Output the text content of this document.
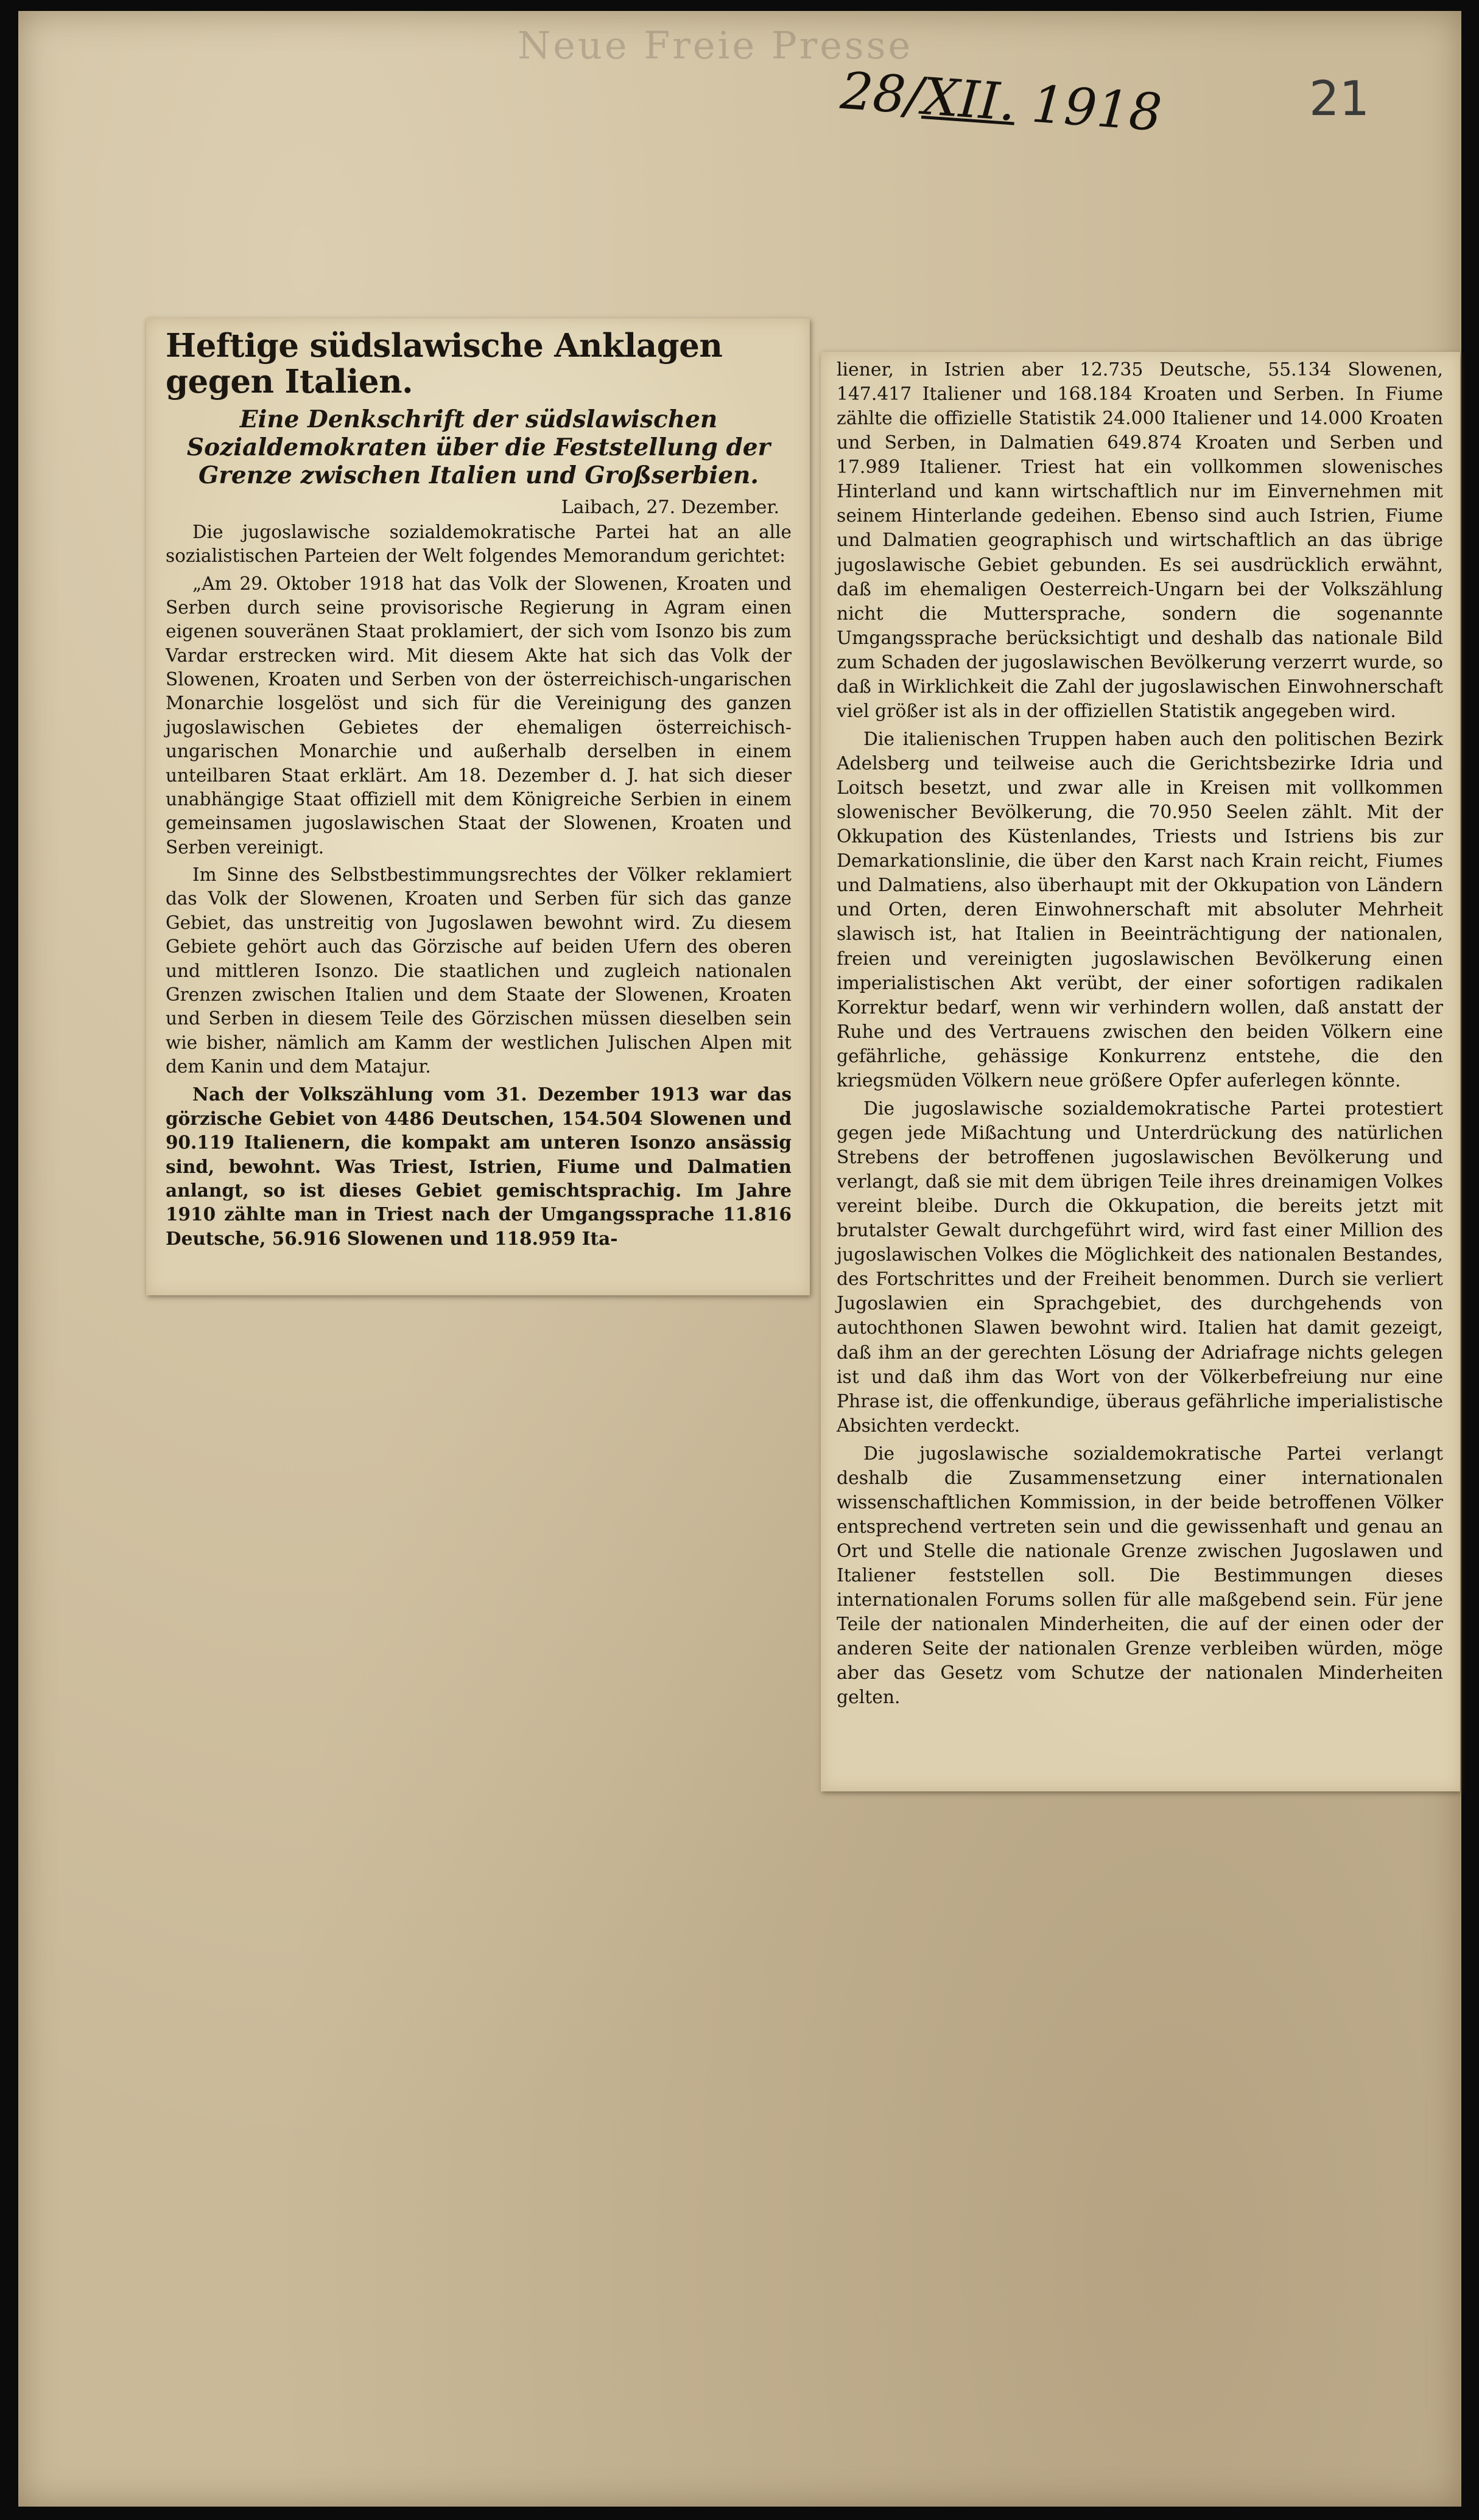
Neue Freie Presse
28/XII. 1918	21
Heftige südslawische Anklagen gegen Italien.
Eine Denkschrift der südslawischen Sozialdemokraten über die Feststellung der Grenze zwischen Italien und Großserbien.
Laibach, 27. Dezember.

Die jugoslawische sozialdemokratische Partei hat an alle sozialistischen Parteien der Welt folgendes Memorandum gerichtet:

„Am 29. Oktober 1918 hat das Volk der Slowenen, Kroaten und Serben durch seine provisorische Regierung in Agram einen eigenen souveränen Staat proklamiert, der sich vom Isonzo bis zum Vardar erstrecken wird. Mit diesem Akte hat sich das Volk der Slowenen, Kroaten und Serben von der österreichisch-ungarischen Monarchie losgelöst und sich für die Vereinigung des ganzen jugoslawischen Gebietes der ehemaligen österreichisch-ungarischen Monarchie und außerhalb derselben in einem unteilbaren Staat erklärt. Am 18. Dezember d. J. hat sich dieser unabhängige Staat offiziell mit dem Königreiche Serbien in einem gemeinsamen jugoslawischen Staat der Slowenen, Kroaten und Serben vereinigt.

Im Sinne des Selbstbestimmungsrechtes der Völker reklamiert das Volk der Slowenen, Kroaten und Serben für sich das ganze Gebiet, das unstreitig von Jugoslawen bewohnt wird. Zu diesem Gebiete gehört auch das Görzische auf beiden Ufern des oberen und mittleren Isonzo. Die staatlichen und zugleich nationalen Grenzen zwischen Italien und dem Staate der Slowenen, Kroaten und Serben in diesem Teile des Görzischen müssen dieselben sein wie bisher, nämlich am Kamm der westlichen Julischen Alpen mit dem Kanin und dem Matajur.

Nach der Volkszählung vom 31. Dezember 1913 war das görzische Gebiet von 4486 Deutschen, 154.504 Slowenen und 90.119 Italienern, die kompakt am unteren Isonzo ansässig sind, bewohnt. Was Triest, Istrien, Fiume und Dalmatien anlangt, so ist dieses Gebiet gemischtsprachig. Im Jahre 1910 zählte man in Triest nach der Umgangssprache 11.816 Deutsche, 56.916 Slowenen und 118.959 Ita-

liener, in Istrien aber 12.735 Deutsche, 55.134 Slowenen, 147.417 Italiener und 168.184 Kroaten und Serben. In Fiume zählte die offizielle Statistik 24.000 Italiener und 14.000 Kroaten und Serben, in Dalmatien 649.874 Kroaten und Serben und 17.989 Italiener. Triest hat ein vollkommen slowenisches Hinterland und kann wirtschaftlich nur im Einvernehmen mit seinem Hinterlande gedeihen. Ebenso sind auch Istrien, Fiume und Dalmatien geographisch und wirtschaftlich an das übrige jugoslawische Gebiet gebunden. Es sei ausdrücklich erwähnt, daß im ehemaligen Oesterreich-Ungarn bei der Volkszählung nicht die Muttersprache, sondern die sogenannte Umgangssprache berücksichtigt und deshalb das nationale Bild zum Schaden der jugoslawischen Bevölkerung verzerrt wurde, so daß in Wirklichkeit die Zahl der jugoslawischen Einwohnerschaft viel größer ist als in der offiziellen Statistik angegeben wird.

Die italienischen Truppen haben auch den politischen Bezirk Adelsberg und teilweise auch die Gerichtsbezirke Idria und Loitsch besetzt, und zwar alle in Kreisen mit vollkommen slowenischer Bevölkerung, die 70.950 Seelen zählt. Mit der Okkupation des Küstenlandes, Triests und Istriens bis zur Demarkationslinie, die über den Karst nach Krain reicht, Fiumes und Dalmatiens, also überhaupt mit der Okkupation von Ländern und Orten, deren Einwohnerschaft mit absoluter Mehrheit slawisch ist, hat Italien in Beeinträchtigung der nationalen, freien und vereinigten jugoslawischen Bevölkerung einen imperialistischen Akt verübt, der einer sofortigen radikalen Korrektur bedarf, wenn wir verhindern wollen, daß anstatt der Ruhe und des Vertrauens zwischen den beiden Völkern eine gefährliche, gehässige Konkurrenz entstehe, die den kriegsmüden Völkern neue größere Opfer auferlegen könnte.

Die jugoslawische sozialdemokratische Partei protestiert gegen jede Mißachtung und Unterdrückung des natürlichen Strebens der betroffenen jugoslawischen Bevölkerung und verlangt, daß sie mit dem übrigen Teile ihres dreinamigen Volkes vereint bleibe. Durch die Okkupation, die bereits jetzt mit brutalster Gewalt durchgeführt wird, wird fast einer Million des jugoslawischen Volkes die Möglichkeit des nationalen Bestandes, des Fortschrittes und der Freiheit benommen. Durch sie verliert Jugoslawien ein Sprachgebiet, des durchgehends von autochthonen Slawen bewohnt wird. Italien hat damit gezeigt, daß ihm an der gerechten Lösung der Adriafrage nichts gelegen ist und daß ihm das Wort von der Völkerbefreiung nur eine Phrase ist, die offenkundige, überaus gefährliche imperialistische Absichten verdeckt.

Die jugoslawische sozialdemokratische Partei verlangt deshalb die Zusammensetzung einer internationalen wissenschaftlichen Kommission, in der beide betroffenen Völker entsprechend vertreten sein und die gewissenhaft und genau an Ort und Stelle die nationale Grenze zwischen Jugoslawen und Italiener feststellen soll. Die Bestimmungen dieses internationalen Forums sollen für alle maßgebend sein. Für jene Teile der nationalen Minderheiten, die auf der einen oder der anderen Seite der nationalen Grenze verbleiben würden, möge aber das Gesetz vom Schutze der nationalen Minderheiten gelten.
